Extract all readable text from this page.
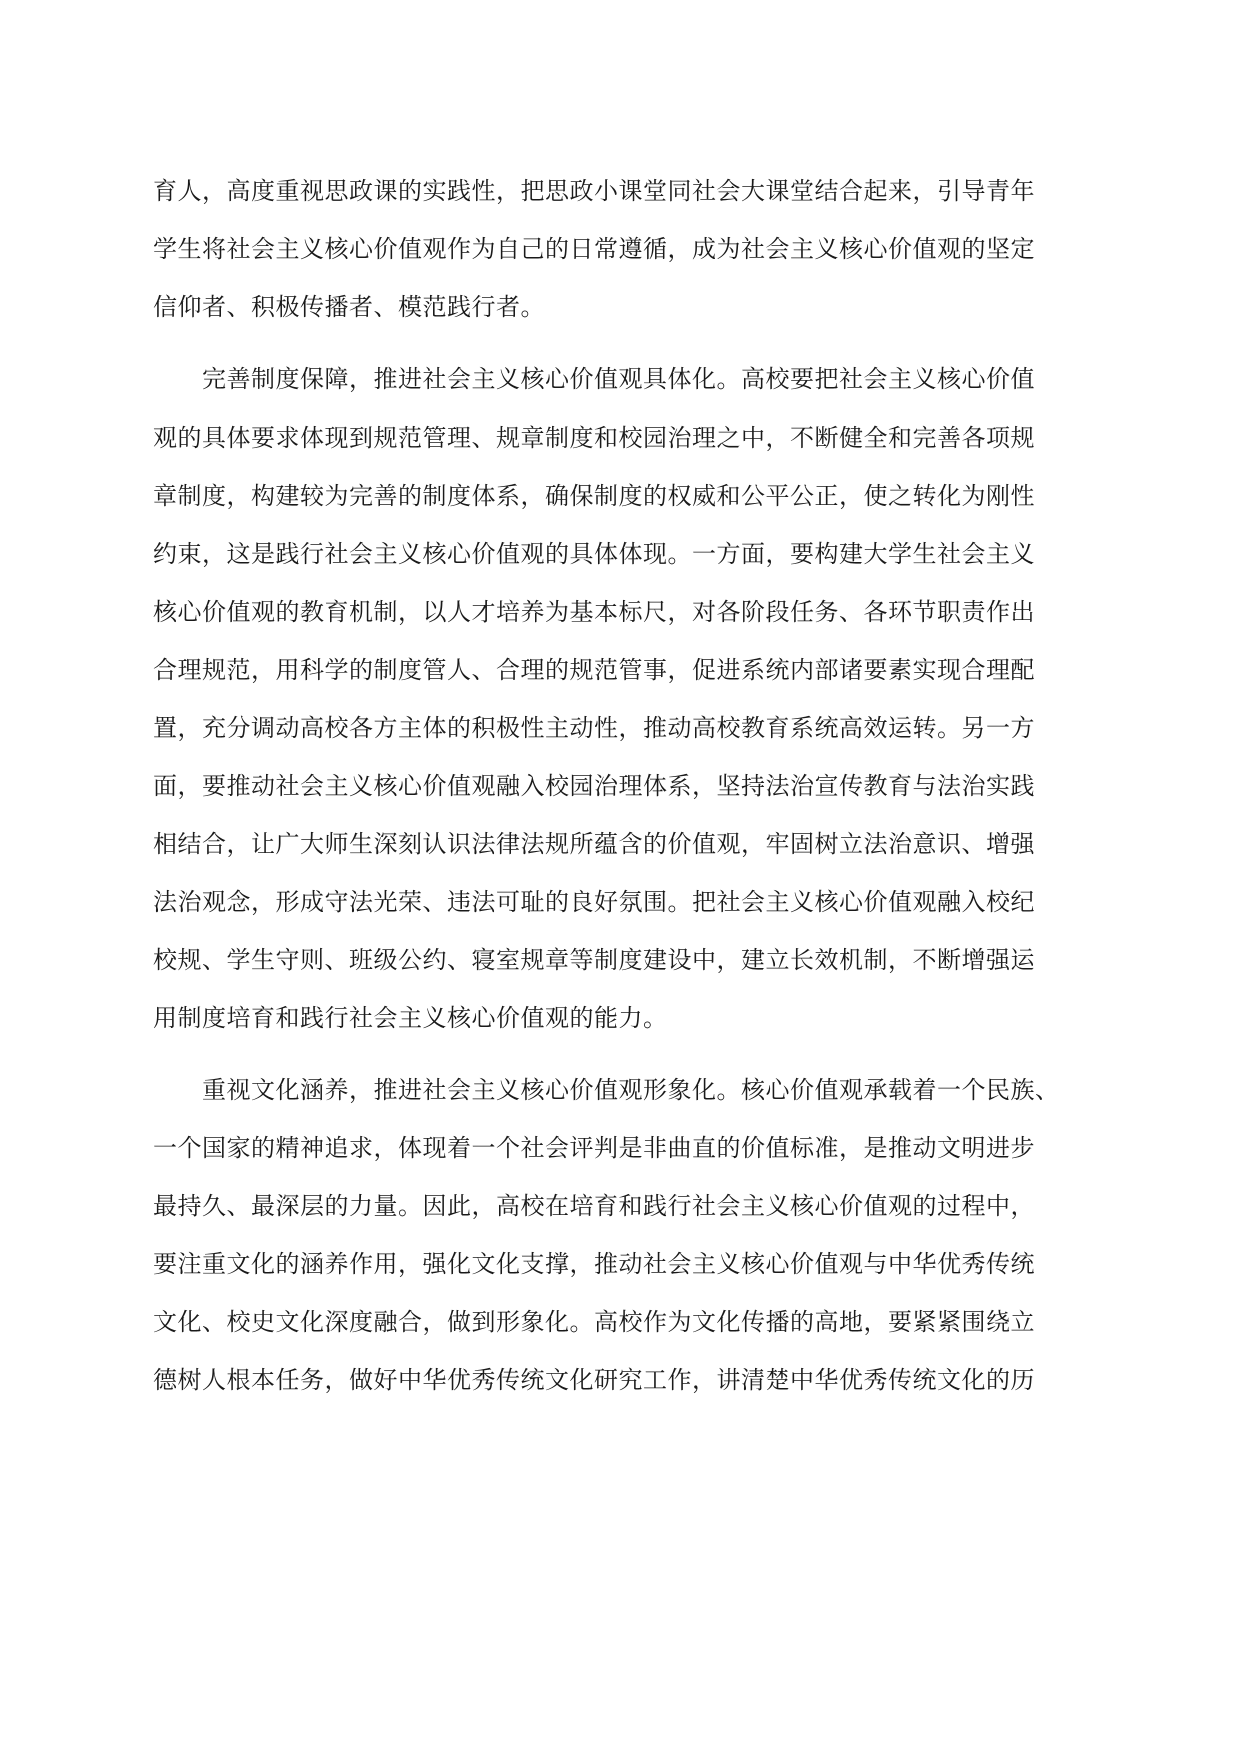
育人，高度重视思政课的实践性，把思政小课堂同社会大课堂结合起来，引导青年
学生将社会主义核心价值观作为自己的日常遵循，成为社会主义核心价值观的坚定
信仰者、积极传播者、模范践行者。
完善制度保障，推进社会主义核心价值观具体化。高校要把社会主义核心价值
观的具体要求体现到规范管理、规章制度和校园治理之中，不断健全和完善各项规
章制度，构建较为完善的制度体系，确保制度的权威和公平公正，使之转化为刚性
约束，这是践行社会主义核心价值观的具体体现。一方面，要构建大学生社会主义
核心价值观的教育机制，以人才培养为基本标尺，对各阶段任务、各环节职责作出
合理规范，用科学的制度管人、合理的规范管事，促进系统内部诸要素实现合理配
置，充分调动高校各方主体的积极性主动性，推动高校教育系统高效运转。另一方
面，要推动社会主义核心价值观融入校园治理体系，坚持法治宣传教育与法治实践
相结合，让广大师生深刻认识法律法规所蕴含的价值观，牢固树立法治意识、增强
法治观念，形成守法光荣、违法可耻的良好氛围。把社会主义核心价值观融入校纪
校规、学生守则、班级公约、寝室规章等制度建设中，建立长效机制，不断增强运
用制度培育和践行社会主义核心价值观的能力。
重视文化涵养，推进社会主义核心价值观形象化。核心价值观承载着一个民族、
一个国家的精神追求，体现着一个社会评判是非曲直的价值标准，是推动文明进步
最持久、最深层的力量。因此，高校在培育和践行社会主义核心价值观的过程中，
要注重文化的涵养作用，强化文化支撑，推动社会主义核心价值观与中华优秀传统
文化、校史文化深度融合，做到形象化。高校作为文化传播的高地，要紧紧围绕立
德树人根本任务，做好中华优秀传统文化研究工作，讲清楚中华优秀传统文化的历
